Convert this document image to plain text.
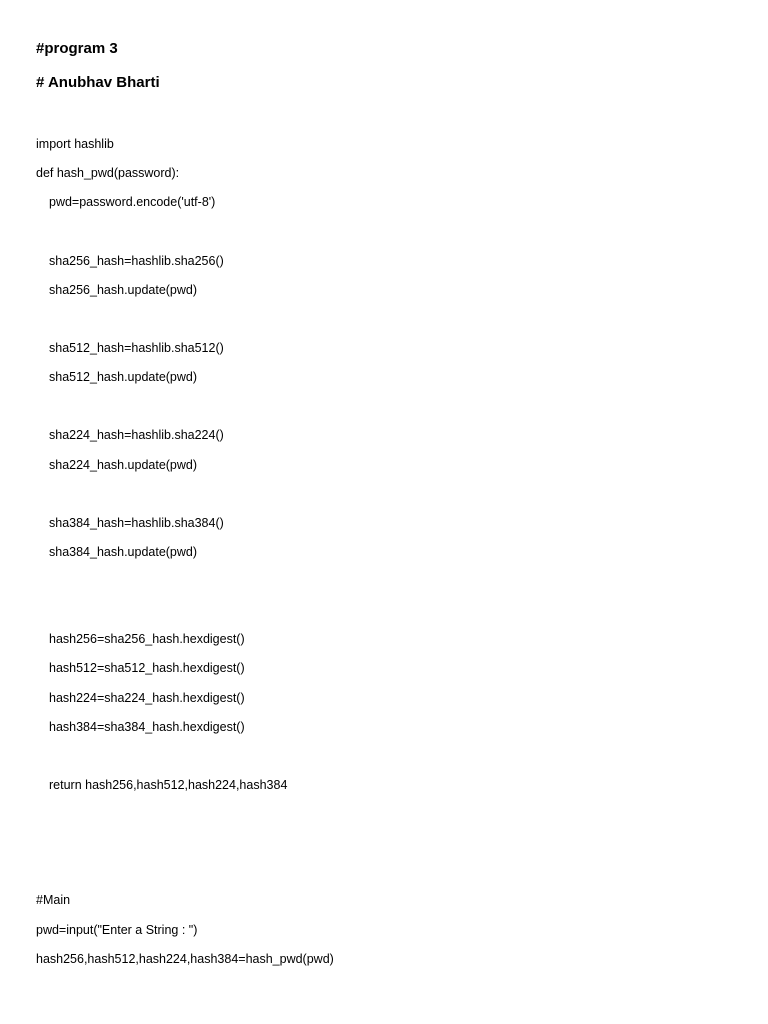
#program 3
# Anubhav Bharti
import hashlib
def hash_pwd(password):
pwd=password.encode('utf-8')
sha256_hash=hashlib.sha256()
sha256_hash.update(pwd)
sha512_hash=hashlib.sha512()
sha512_hash.update(pwd)
sha224_hash=hashlib.sha224()
sha224_hash.update(pwd)
sha384_hash=hashlib.sha384()
sha384_hash.update(pwd)
hash256=sha256_hash.hexdigest()
hash512=sha512_hash.hexdigest()
hash224=sha224_hash.hexdigest()
hash384=sha384_hash.hexdigest()
return hash256,hash512,hash224,hash384
#Main
pwd=input("Enter a String : ")
hash256,hash512,hash224,hash384=hash_pwd(pwd)
